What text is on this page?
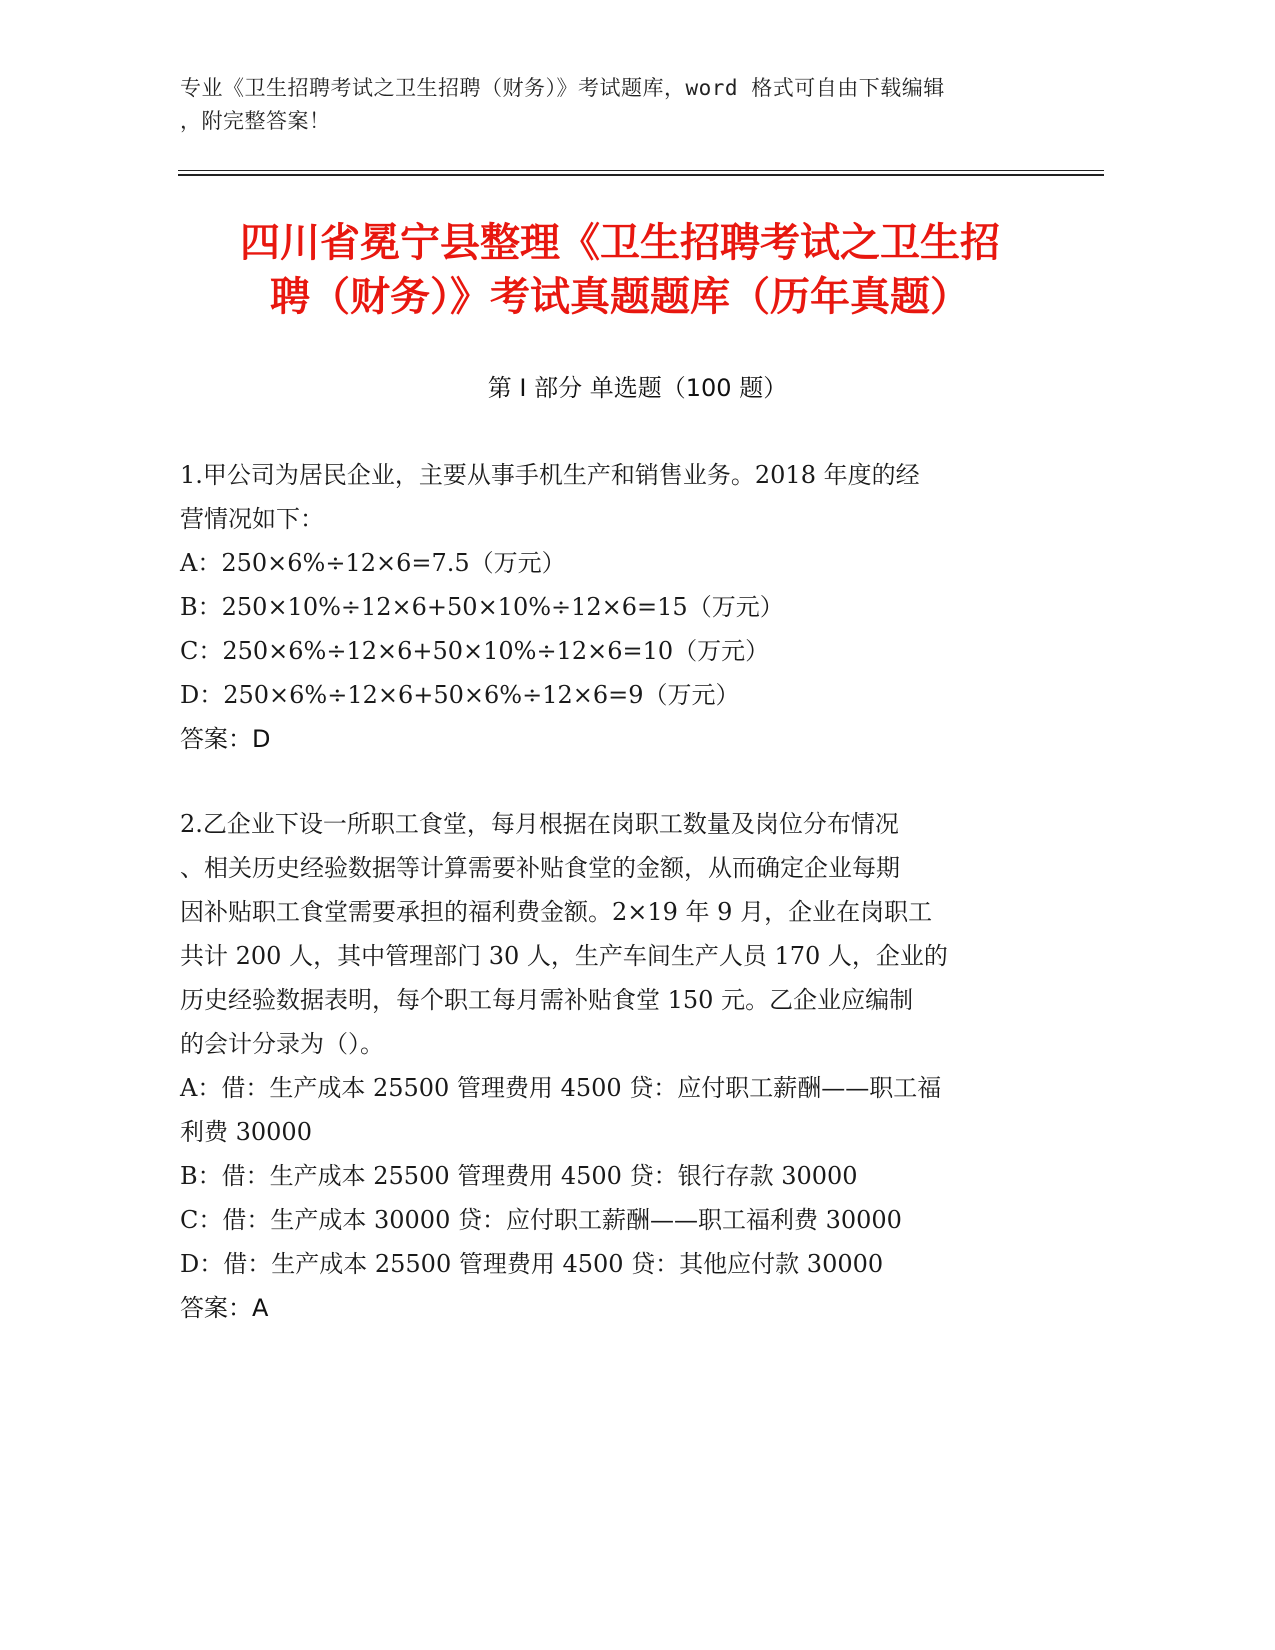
专业《卫生招聘考试之卫生招聘（财务）》考试题库，word 格式可自由下载编辑
，附完整答案！
四川省冕宁县整理《卫生招聘考试之卫生招
聘（财务）》考试真题题库（历年真题）
第 I 部分 单选题（100 题）
1.甲公司为居民企业，主要从事手机生产和销售业务。2018 年度的经
营情况如下：
A：250×6%÷12×6=7.5（万元）
B：250×10%÷12×6+50×10%÷12×6=15（万元）
C：250×6%÷12×6+50×10%÷12×6=10（万元）
D：250×6%÷12×6+50×6%÷12×6=9（万元）
答案：D
2.乙企业下设一所职工食堂，每月根据在岗职工数量及岗位分布情况
、相关历史经验数据等计算需要补贴食堂的金额，从而确定企业每期
因补贴职工食堂需要承担的福利费金额。2×19 年 9 月，企业在岗职工
共计 200 人，其中管理部门 30 人，生产车间生产人员 170 人，企业的
历史经验数据表明，每个职工每月需补贴食堂 150 元。乙企业应编制
的会计分录为（）。
A：借：生产成本 25500 管理费用 4500 贷：应付职工薪酬——职工福
利费 30000
B：借：生产成本 25500 管理费用 4500 贷：银行存款 30000
C：借：生产成本 30000 贷：应付职工薪酬——职工福利费 30000
D：借：生产成本 25500 管理费用 4500 贷：其他应付款 30000
答案：A
